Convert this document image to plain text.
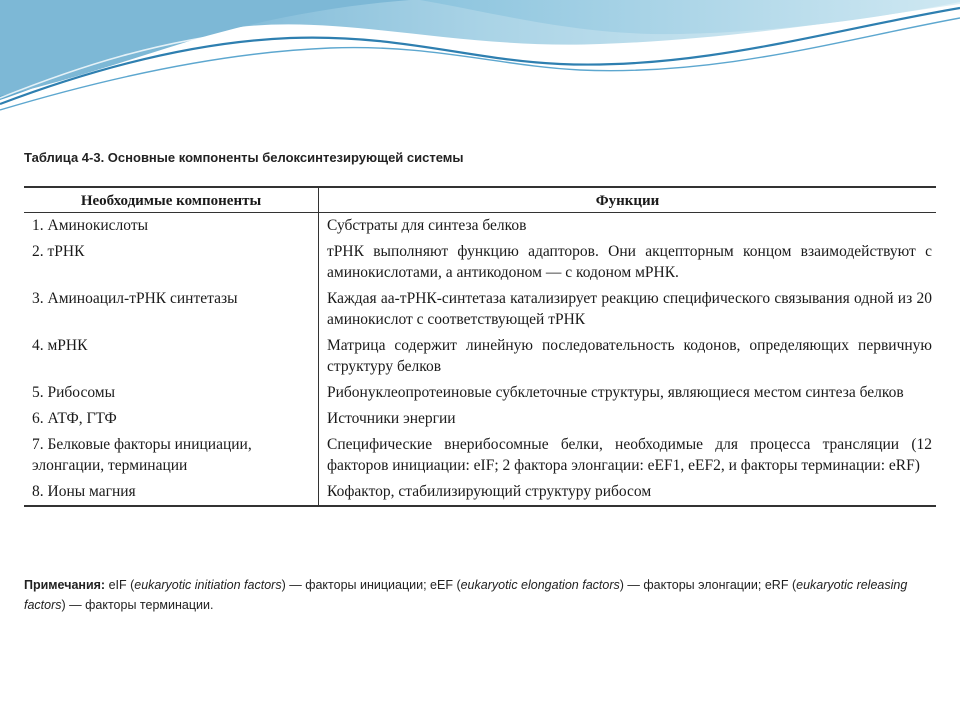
Таблица 4-3. Основные компоненты белоксинтезирующей системы
Необходимые компоненты	Функции
1. Аминокислоты	Субстраты для синтеза белков
2. тРНК	тРНК выполняют функцию адапторов. Они акцепторным концом взаимодействуют с аминокислотами, а антикодоном — с кодоном мРНК.
3. Аминоацил-тРНК синтетазы	Каждая аа-тРНК-синтетаза катализирует реакцию специфического связывания одной из 20 аминокислот с соответствующей тРНК
4. мРНК	Матрица содержит линейную последовательность кодонов, определяющих первичную структуру белков
5. Рибосомы	Рибонуклеопротеиновые субклеточные структуры, являющиеся местом синтеза белков
6. АТФ, ГТФ	Источники энергии
7. Белковые факторы инициации, элонгации, терминации	Специфические внерибосомные белки, необходимые для процесса трансляции (12 факторов инициации: eIF; 2 фактора элонгации: eEF1, eEF2, и факторы терминации: eRF)
8. Ионы магния	Кофактор, стабилизирующий структуру рибосом
Примечания: eIF (eukaryotic initiation factors) — факторы инициации; eEF (eukaryotic elongation factors) — факторы элонгации; eRF (eukaryotic releasing factors) — факторы терминации.
